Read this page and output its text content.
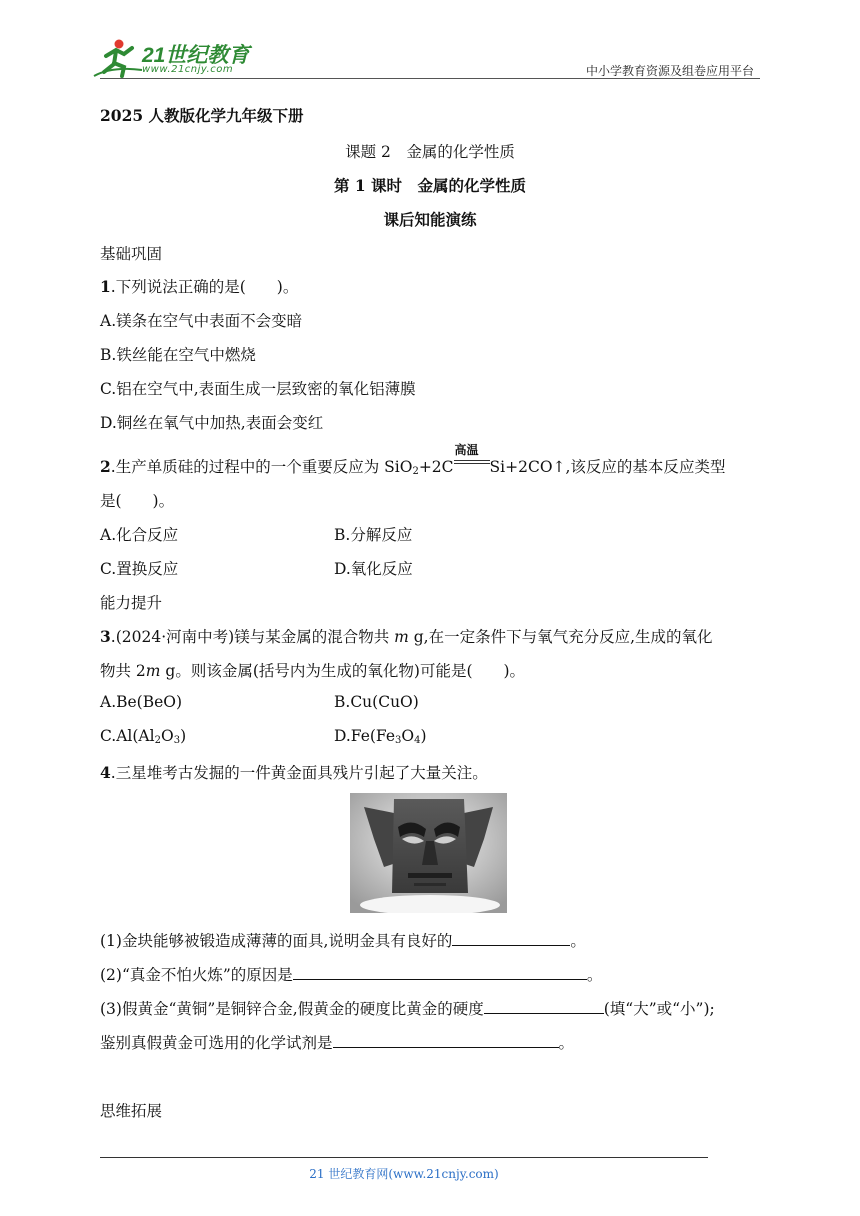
21世纪教育
www.21cnjy.com	中小学教育资源及组卷应用平台
2025 人教版化学九年级下册
课题 2　金属的化学性质
第 1 课时　金属的化学性质
课后知能演练
基础巩固
1.下列说法正确的是(　　)。
A.镁条在空气中表面不会变暗
B.铁丝能在空气中燃烧
C.铝在空气中,表面生成一层致密的氧化铝薄膜
D.铜丝在氧气中加热,表面会变红
2.生产单质硅的过程中的一个重要反应为 SiO$_2$+2C
高温
Si+2CO↑,该反应的基本反应类型
是(　　)。
A.化合反应	B.分解反应
C.置换反应	D.氧化反应
能力提升
3.(2024·河南中考)镁与某金属的混合物共 m g,在一定条件下与氧气充分反应,生成的氧化
物共 2m g。则该金属(括号内为生成的氧化物)可能是(　　)。
A.Be(BeO)	B.Cu(CuO)
$C.Al(Al_2O_3)$	$D.Fe(Fe_3O_4)$
4.三星堆考古发掘的一件黄金面具残片引起了大量关注。
(1)金块能够被锻造成薄薄的面具,说明金具有良好的	。
(2)“真金不怕火炼”的原因是	。
(3)假黄金“黄铜”是铜锌合金,假黄金的硬度比黄金的硬度	(填“大”或“小”);
鉴别真假黄金可选用的化学试剂是	。
思维拓展
21 世纪教育网(www.21cnjy.com)
